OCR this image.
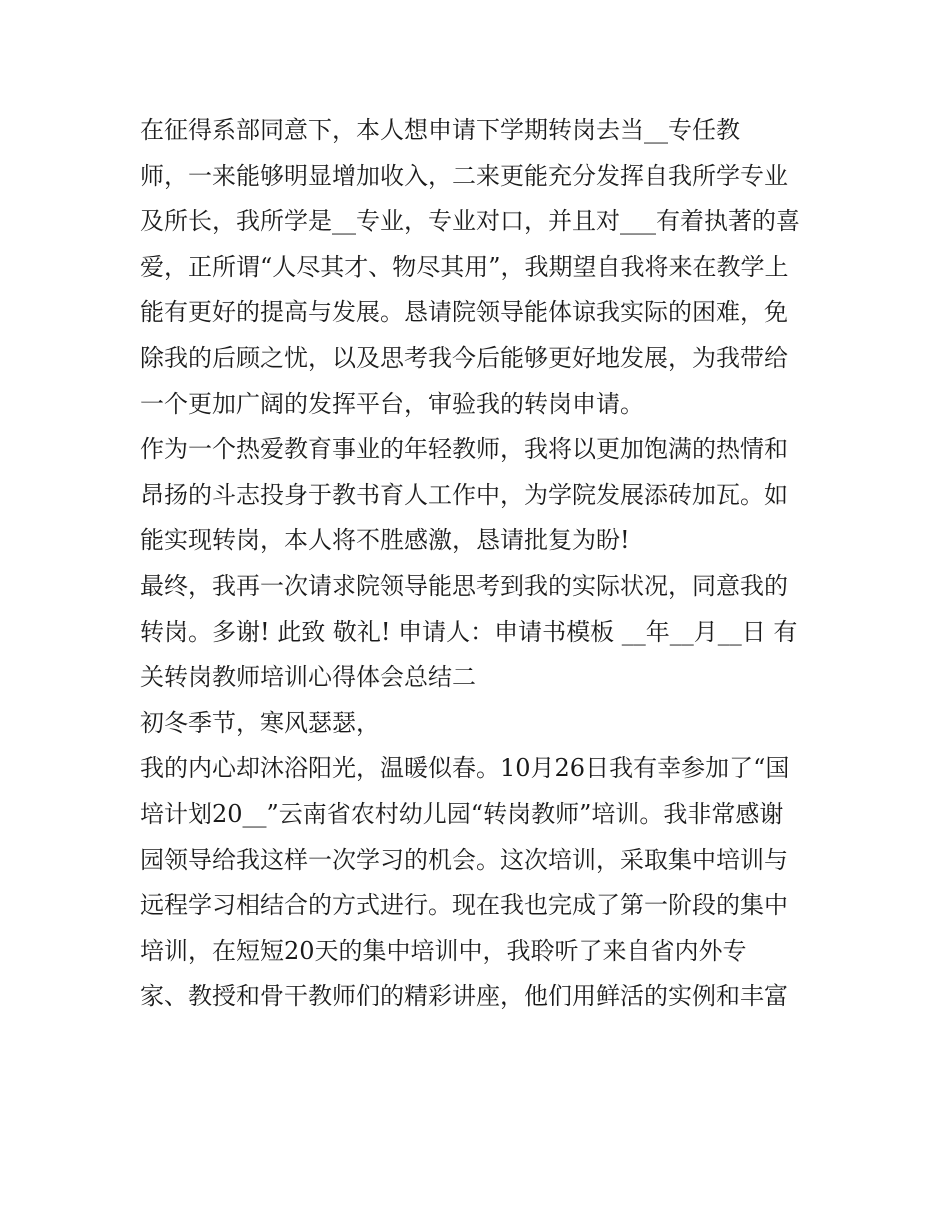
在征得系部同意下，本人想申请下学期转岗去当__专任教
师，一来能够明显增加收入，二来更能充分发挥自我所学专业
及所长，我所学是__专业，专业对口，并且对___有着执著的喜
爱，正所谓“人尽其才、物尽其用”，我期望自我将来在教学上
能有更好的提高与发展。恳请院领导能体谅我实际的困难，免
除我的后顾之忧，以及思考我今后能够更好地发展，为我带给
一个更加广阔的发挥平台，审验我的转岗申请。
作为一个热爱教育事业的年轻教师，我将以更加饱满的热情和
昂扬的斗志投身于教书育人工作中，为学院发展添砖加瓦。如
能实现转岗，本人将不胜感激，恳请批复为盼!
最终，我再一次请求院领导能思考到我的实际状况，同意我的
转岗。多谢! 此致 敬礼! 申请人：申请书模板 __年__月__日 有
关转岗教师培训心得体会总结二
初冬季节，寒风瑟瑟，
我的内心却沐浴阳光，温暖似春。10月26日我有幸参加了“国
培计划20__”云南省农村幼儿园“转岗教师”培训。我非常感谢
园领导给我这样一次学习的机会。这次培训，采取集中培训与
远程学习相结合的方式进行。现在我也完成了第一阶段的集中
培训，在短短20天的集中培训中，我聆听了来自省内外专
家、教授和骨干教师们的精彩讲座，他们用鲜活的实例和丰富
